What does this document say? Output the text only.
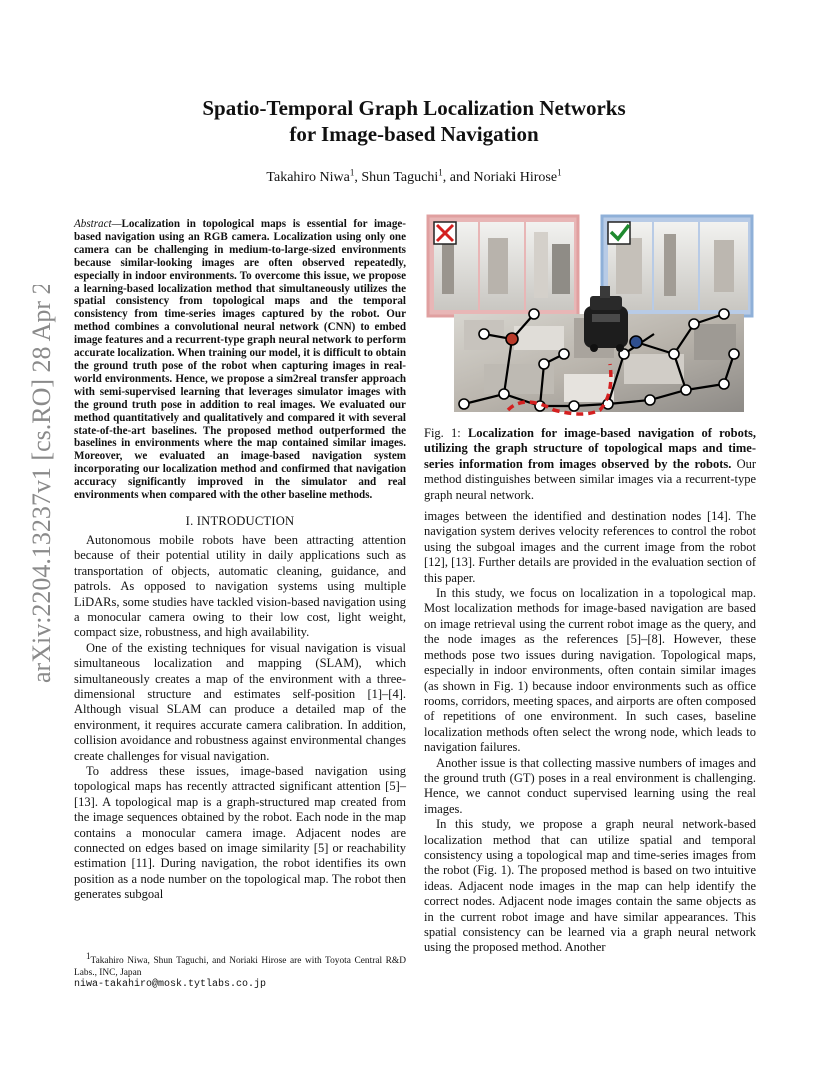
arXiv:2204.13237v1 [cs.RO] 28 Apr 2022
Spatio-Temporal Graph Localization Networks
for Image-based Navigation
Takahiro Niwa$^1$, Shun Taguchi$^1$, and Noriaki Hirose$^1$

Abstract—Localization in topological maps is essential for image-based navigation using an RGB camera. Localization using only one camera can be challenging in medium-to-large-sized environments because similar-looking images are often observed repeatedly, especially in indoor environments. To overcome this issue, we propose a learning-based localization method that simultaneously utilizes the spatial consistency from topological maps and the temporal consistency from time-series images captured by the robot. Our method combines a convolutional neural network (CNN) to embed image features and a recurrent-type graph neural network to perform accurate localization. When training our model, it is difficult to obtain the ground truth pose of the robot when capturing images in real-world environments. Hence, we propose a sim2real transfer approach with semi-supervised learning that leverages simulator images with the ground truth pose in addition to real images. We evaluated our method quantitatively and qualitatively and compared it with several state-of-the-art baselines. The proposed method outperformed the baselines in environments where the map contained similar images. Moreover, we evaluated an image-based navigation system incorporating our localization method and confirmed that navigation accuracy significantly improved in the simulator and real environments when compared with the other baseline methods.

I. INTRODUCTION

Autonomous mobile robots have been attracting attention because of their potential utility in daily applications such as transportation of objects, automatic cleaning, guidance, and patrols. As opposed to navigation systems using multiple LiDARs, some studies have tackled vision-based navigation using a monocular camera owing to their low cost, light weight, compact size, robustness, and high availability.

One of the existing techniques for visual navigation is visual simultaneous localization and mapping (SLAM), which simultaneously creates a map of the environment with a three-dimensional structure and estimates self-position [1]–[4]. Although visual SLAM can produce a detailed map of the environment, it requires accurate camera calibration. In addition, collision avoidance and robustness against environmental changes create challenges for visual navigation.

To address these issues, image-based navigation using topological maps has recently attracted significant attention [5]–[13]. A topological map is a graph-structured map created from the image sequences obtained by the robot. Each node in the map contains a monocular camera image. Adjacent nodes are connected on edges based on image similarity [5] or reachability estimation [11]. During navigation, the robot identifies its own position as a node number on the topological map. The robot then generates subgoal

$^1$Takahiro Niwa, Shun Taguchi, and Noriaki Hirose are with Toyota Central R&D Labs., INC, Japan
niwa-takahiro@mosk.tytlabs.co.jp

Fig. 1: Localization for image-based navigation of robots, utilizing the graph structure of topological maps and time-series information from images observed by the robots. Our method distinguishes between similar images via a recurrent-type graph neural network.

images between the identified and destination nodes [14]. The navigation system derives velocity references to control the robot using the subgoal images and the current image from the robot [12], [13]. Further details are provided in the evaluation section of this paper.

In this study, we focus on localization in a topological map. Most localization methods for image-based navigation are based on image retrieval using the current robot image as the query, and the node images as the references [5]–[8]. However, these methods pose two issues during navigation. Topological maps, especially in indoor environments, often contain similar images (as shown in Fig. 1) because indoor environments such as office rooms, corridors, meeting spaces, and airports are often composed of repetitions of one environment. In such cases, baseline localization methods often select the wrong node, which leads to navigation failures.

Another issue is that collecting massive numbers of images and the ground truth (GT) poses in a real environment is challenging. Hence, we cannot conduct supervised learning using the real images.

In this study, we propose a graph neural network-based localization method that can utilize spatial and temporal consistency using a topological map and time-series images from the robot (Fig. 1). The proposed method is based on two intuitive ideas. Adjacent node images in the map can help identify the correct nodes. Adjacent node images contain the same objects as in the current robot image and have similar appearances. This spatial consistency can be learned via a graph neural network using the proposed method. Another
